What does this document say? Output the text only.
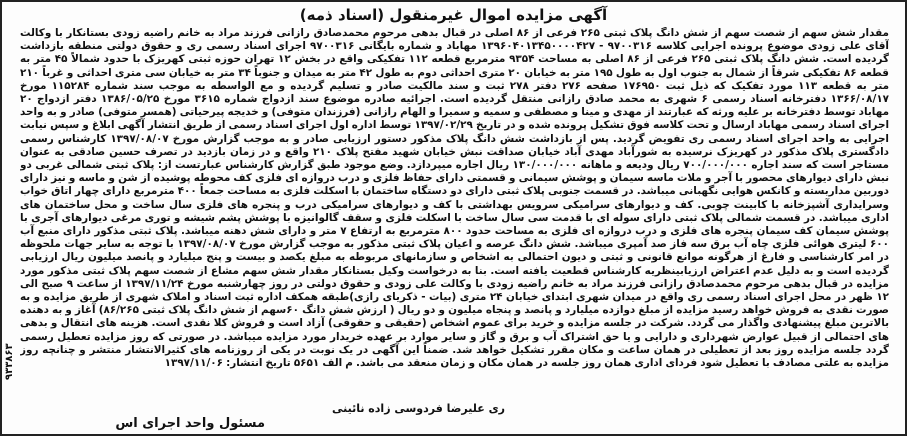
آگهی مزایده اموال غیرمنقول (اسناد ذمه)

مقدار شش سهم از شصت سهم از شش دانگ پلاک ثبتی ۲۶۵ فرعی از ۸۶ اصلی در قبال بدهی مرحوم محمدصادق رازانی فرزند مراد به خانم راضیه زودی بستانکار با وکالت آقای علی زودی موضوع پرونده اجرایی کلاسه ۹۷۰۰۳۱۶ - ۱۳۹۶۰۴۰۱۳۴۵۰۰۰۰۴۲۷ مهاباد و شماره بایگانی ۹۷۰۰۳۱۶ اجرای اسناد رسمی ری و حقوق دولتی منطقه بازداشت گردیده است. شش دانگ پلاک ثبتی ۲۶۵ فرعی از ۸۶ اصلی به مساحت ۹۳۵۴ مترمربع قطعه ۱۱۲ تفکیکی واقع در بخش ۱۲ تهران حوزه ثبتی کهریزک با حدود شمالاً ۴۵ متر به قطعه ۸۶ تفکیکی شرقاً از شمال به جنوب اول به طول ۱۹۵ متر به خیابان ۲۰ متری احداثی دوم به طول ۴۲ متر به میدان و جنوباً ۳۴ متر به خیابان سی متری احداثی و غرباً ۲۱۰ متر به قطعه ۱۱۳ مورد تفکیک که ذیل ثبت ۱۷۶۹۵۰ صفحه ۲۷۶ دفتر ۲۷۸ ثبت و سند مالکیت صادر و تسلیم گردیده و مع الواسطه به موجب سند شماره ۱۱۵۲۸۴ مورخ ۱۳۶۶/۰۸/۱۷ دفترخانه اسناد رسمی ۶ شهری به محمد صادق رازانی منتقل گردیده است. اجرائیه صادره موضوع سند ازدواج شماره ۳۶۱۵ مورخ ۱۳۸۶/۰۵/۲۵ دفتر ازدواج ۲۰ مهاباد توسط دفترخانه بر علیه ورثه که عبارتند از مهدی و مینا و مصطفی و سمیه و سمیرا و الهام رازانی (فرزندان متوفی) و خدیجه پیرحیاتی (همسر متوفی) صادر و به واحد اجرای اسناد رسمی مهاباد ارسال و تحت کلاسه فوق تشکیل پرونده شده و در تاریخ ۱۳۹۷/۰۲/۲۹ توسط اداره اول اجرای اسناد رسمی از طریق انتشار آگهی ابلاغ و سپس نیابت اجرایی به واحد اجرای اسناد رسمی ری تفویض گردید. پس از بازداشت شش دانگ پلاک مذکور دستور ارزیابی صادر و به موجب گزارش مورخ ۱۳۹۷/۰۸/۰۷ کارشناس رسمی دادگستری پلاک مذکور در کهریزک نرسیده به شورآباد مهدی آباد خیابان صداقت نبش خیابان شهید مفتح پلاک ۲۱۰ واقع و در زمان بازدید در تصرف حسین صادقی به عنوان مستاجر است که سند اجاره ۷۰۰/۰۰۰/۰۰۰ ریال ودیعه و ماهانه ۱۳۰/۰۰۰/۰۰۰ ریال اجاره میپردازد. وضع موجود طبق گزارش کارشناس عبارتست از: پلاک ثبتی شمالی غربی دو نبش دارای دیوارهای محصور با آجر و ملات ماسه سیمان و پوشش سیمانی و قسمتی دارای حفاظ فلزی و درب دروازه ای فلزی کف محوطه پوشیده از شن و ماسه و نیز دارای دوربین مداربسته و کانکس هوایی نگهبانی میباشد. در قسمت جنوبی پلاک ثبتی دارای دو دستگاه ساختمان با اسکلت فلزی به مساحت جمعاً ۴۰۰ مترمربع دارای چهار اتاق خواب وسرایداری آشپزخانه با کابینت چوبی. کف و دیوارهای سرامیکی سرویس بهداشتی با کف و دیوارهای سرامیکی درب و پنجره های فلزی سال ساخت و محل ساختمان های اداری میباشد. در قسمت شمالی پلاک ثبتی دارای سوله ای با قدمت سی سال ساخت با اسکلت فلزی و سقف گالوانیزه با پوشش پشم شیشه و توری مرغی دیوارهای آجری با پوشش سیمان کف سیمان پنجره های فلزی و درب دروازه ای فلزی به مساحت حدود ۸۰۰ مترمربع به ارتفاع ۷ متر و دارای شش دهنه میباشد. پلاک ثبتی مذکور دارای منبع آب ۶۰۰ لیتری هوائی فلزی چاه آب برق سه فاز صد آمپری میباشد. شش دانگ عرصه و اعیان پلاک ثبتی مذکور به موجب گزارش مورخ ۱۳۹۷/۰۸/۰۷ با توجه به سایر جهات ملحوظه در امر کارشناسی و فارغ از هرگونه موانع قانونی و ثبتی و دیون احتمالی به اشخاص و سازمانهای مربوطه به مبلغ یکصد و بیست و پنج میلیارد و پانصد میلیون ریال ارزیابی گردیده است و به دلیل عدم اعتراض ارزیابینظریه کارشناس قطعیت یافته است. بنا به درخواست وکیل بستانکار مقدار شش سهم مشاع از شصت سهم پلاک ثبتی مذکور مورد مزایده در قبال بدهی مرحوم محمدصادق رازانی فرزند مراد به خانم راضیه زودی با وکالت علی زودی و حقوق دولتی در روز چهارشنبه مورخ ۱۳۹۷/۱۱/۲۴ از ساعت ۹ صبح الی ۱۲ ظهر در محل اجرای اسناد رسمی ری واقع در میدان شهری ابتدای خیابان ۲۴ متری (بیات - ذکریای رازی)طبقه همکف اداره ثبت اسناد و املاک شهری از طریق مزایده و به صورت نقدی به فروش خواهد رسید مزایده از مبلغ دوازده میلیارد و پانصد و پنجاه میلیون و دو ریال ( ارزش شش دانگ ۶۰سهم از شش دانگ پلاک ثبتی ۸۶/۲۶۵) آغاز و به دهنده بالاترین مبلغ پیشنهادی واگذار می گردد. شرکت در جلسه مزایده و خرید برای عموم اشخاص (حقیقی و حقوقی) آزاد است و فروش کلا نقدی است. هزینه های انتقال و بدهی های احتمالی از قبیل عوارض شهرداری و دارایی و یا حق اشتراک آب و برق و گاز و سایر موارد بر عهده خریدار مورد مزایده میباشد. در صورتی که روز مزایده تعطیل رسمی گردد جلسه مزایده روز بعد از تعطیلی در همان ساعت و مکان مقرر تشکیل خواهد شد. ضمناً این آگهی در یک نوبت در یکی از روزنامه های کثیرالانتشار منتشر و چنانچه روز مزایده به علتی مصادف با تعطیل شود فردای اداری همان روز جلسه در همان مکان و زمان منعقد می باشد. م الف ۵۶۵۱ تاریخ انتشار: ۱۳۹۷/۱۱/۰۶

ری علیرضا فردوسی زاده نائینی
مسئول واحد اجرای اس
۹۳۳۸۶۳
